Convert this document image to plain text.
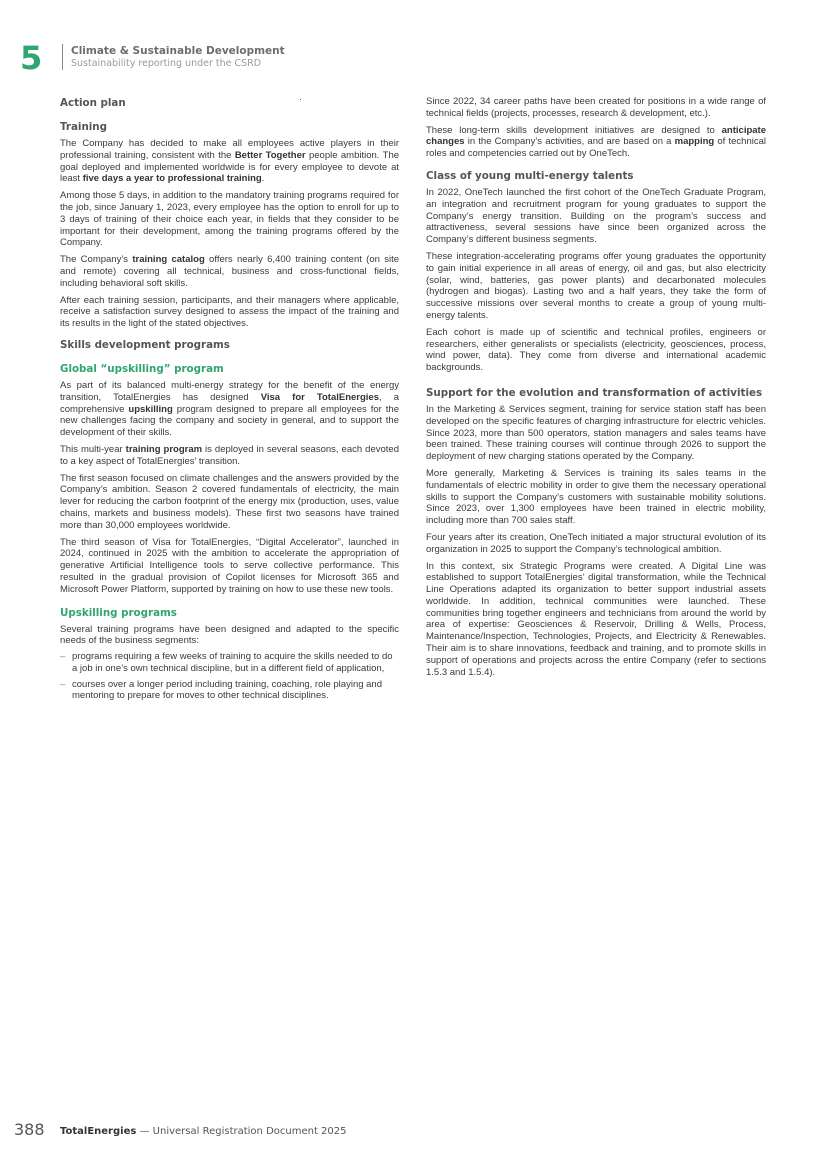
5	Climate & Sustainable Development
Sustainability reporting under the CSRD
Action plan
Training

The Company has decided to make all employees active players in their professional training, consistent with the Better Together people ambition. The goal deployed and implemented worldwide is for every employee to devote at least five days a year to professional training.

Among those 5 days, in addition to the mandatory training programs required for the job, since January 1, 2023, every employee has the option to enroll for up to 3 days of training of their choice each year, in fields that they consider to be important for their development, among the training programs offered by the Company.

The Company’s training catalog offers nearly 6,400 training content (on site and remote) covering all technical, business and cross-functional fields, including behavioral soft skills.

After each training session, participants, and their managers where applicable, receive a satisfaction survey designed to assess the impact of the training and its results in the light of the stated objectives.

Skills development programs
Global “upskilling” program

As part of its balanced multi-energy strategy for the benefit of the energy transition, TotalEnergies has designed Visa for TotalEnergies, a comprehensive upskilling program designed to prepare all employees for the new challenges facing the company and society in general, and to support the development of their skills.

This multi-year training program is deployed in several seasons, each devoted to a key aspect of TotalEnergies’ transition.

The first season focused on climate challenges and the answers provided by the Company’s ambition. Season 2 covered fundamentals of electricity, the main lever for reducing the carbon footprint of the energy mix (production, uses, value chains, markets and business models). These first two seasons have trained more than 30,000 employees worldwide.

The third season of Visa for TotalEnergies, “Digital Accelerator”, launched in 2024, continued in 2025 with the ambition to accelerate the appropriation of generative Artificial Intelligence tools to serve collective performance. This resulted in the gradual provision of Copilot licenses for Microsoft 365 and Microsoft Power Platform, supported by training on how to use these new tools.

Upskilling programs

Several training programs have been designed and adapted to the specific needs of the business segments:

– programs requiring a few weeks of training to acquire the skills needed to do a job in one’s own technical discipline, but in a different field of application,
– courses over a longer period including training, coaching, role playing and mentoring to prepare for moves to other technical disciplines.

Since 2022, 34 career paths have been created for positions in a wide range of technical fields (projects, processes, research & development, etc.).

These long-term skills development initiatives are designed to anticipate changes in the Company’s activities, and are based on a mapping of technical roles and competencies carried out by OneTech.

Class of young multi-energy talents

In 2022, OneTech launched the first cohort of the OneTech Graduate Program, an integration and recruitment program for young graduates to support the Company’s energy transition. Building on the program’s success and attractiveness, several sessions have since been organized across the Company’s different business segments.

These integration-accelerating programs offer young graduates the opportunity to gain initial experience in all areas of energy, oil and gas, but also electricity (solar, wind, batteries, gas power plants) and decarbonated molecules (hydrogen and biogas). Lasting two and a half years, they take the form of successive missions over several months to create a group of young multi-energy talents.

Each cohort is made up of scientific and technical profiles, engineers or researchers, either generalists or specialists (electricity, geosciences, process, wind power, data). They come from diverse and international academic backgrounds.

Support for the evolution and transformation of activities

In the Marketing & Services segment, training for service station staff has been developed on the specific features of charging infrastructure for electric vehicles. Since 2023, more than 500 operators, station managers and sales teams have been trained. These training courses will continue through 2026 to support the deployment of new charging stations operated by the Company.

More generally, Marketing & Services is training its sales teams in the fundamentals of electric mobility in order to give them the necessary operational skills to support the Company’s customers with sustainable mobility solutions. Since 2023, over 1,300 employees have been trained in electric mobility, including more than 700 sales staff.

Four years after its creation, OneTech initiated a major structural evolution of its organization in 2025 to support the Company’s technological ambition.

In this context, six Strategic Programs were created. A Digital Line was established to support TotalEnergies’ digital transformation, while the Technical Line Operations adapted its organization to better support industrial assets worldwide. In addition, technical communities were launched. These communities bring together engineers and technicians from around the world by area of expertise: Geosciences & Reservoir, Drilling & Wells, Process, Maintenance/Inspection, Technologies, Projects, and Electricity & Renewables. Their aim is to share innovations, feedback and training, and to promote skills in support of operations and projects across the entire Company (refer to sections 1.5.3 and 1.5.4).

388 TotalEnergies — Universal Registration Document 2025
